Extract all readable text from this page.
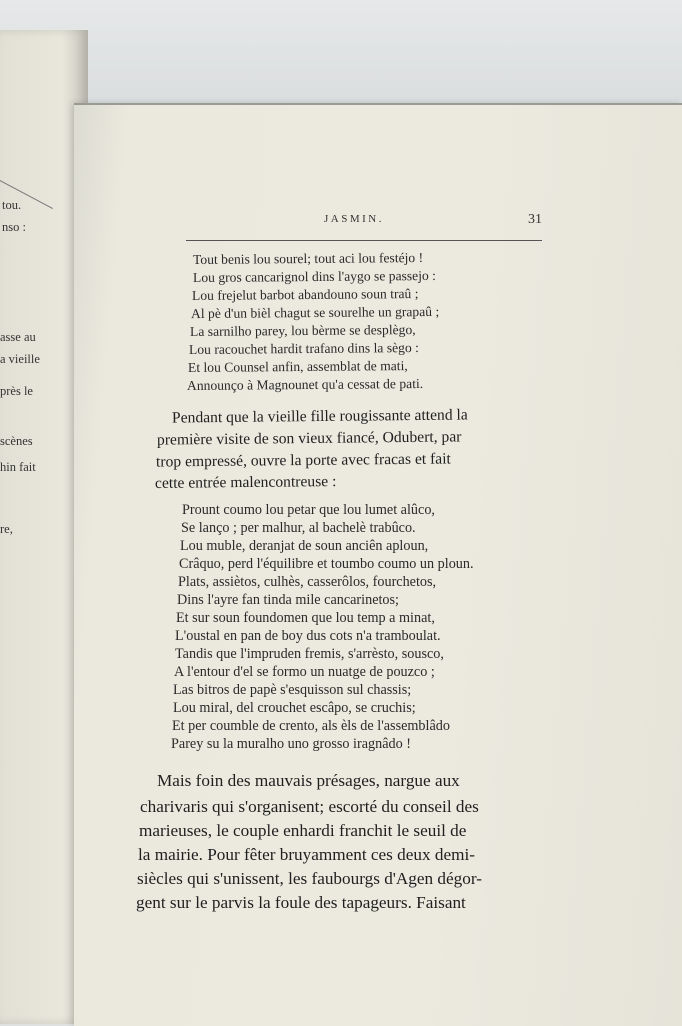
tou.
nso :
asse au
a vieille
près le
scènes
hin fait
re,
JASMIN.	31
Tout benis lou sourel; tout aci lou festéjo !
Lou gros cancarignol dins l'aygo se passejo :
Lou frejelut barbot abandouno soun traû ;
Al pè d'un bièl chagut se sourelhe un grapaû ;
La sarnilho parey, lou bèrme se desplègo,
Lou racouchet hardit trafano dins la sègo :
Et lou Counsel anfin, assemblat de mati,
Announço à Magnounet qu'a cessat de pati.
Pendant que la vieille fille rougissante attend la
première visite de son vieux fiancé, Odubert, par
trop empressé, ouvre la porte avec fracas et fait
cette entrée malencontreuse :
Prount coumo lou petar que lou lumet alûco,
Se lanço ; per malhur, al bachelè trabûco.
Lou muble, deranjat de soun anciên aploun,
Crâquo, perd l'équilibre et toumbo coumo un ploun.
Plats, assiètos, culhès, casserôlos, fourchetos,
Dins l'ayre fan tinda mile cancarinetos;
Et sur soun foundomen que lou temp a minat,
L'oustal en pan de boy dus cots n'a tramboulat.
Tandis que l'impruden fremis, s'arrèsto, sousco,
A l'entour d'el se formo un nuatge de pouzco ;
Las bitros de papè s'esquisson sul chassis;
Lou miral, del crouchet escâpo, se cruchis;
Et per coumble de crento, als èls de l'assemblâdo
Parey su la muralho uno grosso iragnâdo !
Mais foin des mauvais présages, nargue aux
charivaris qui s'organisent; escorté du conseil des
marieuses, le couple enhardi franchit le seuil de
la mairie. Pour fêter bruyamment ces deux demi-
siècles qui s'unissent, les faubourgs d'Agen dégor-
gent sur le parvis la foule des tapageurs. Faisant
